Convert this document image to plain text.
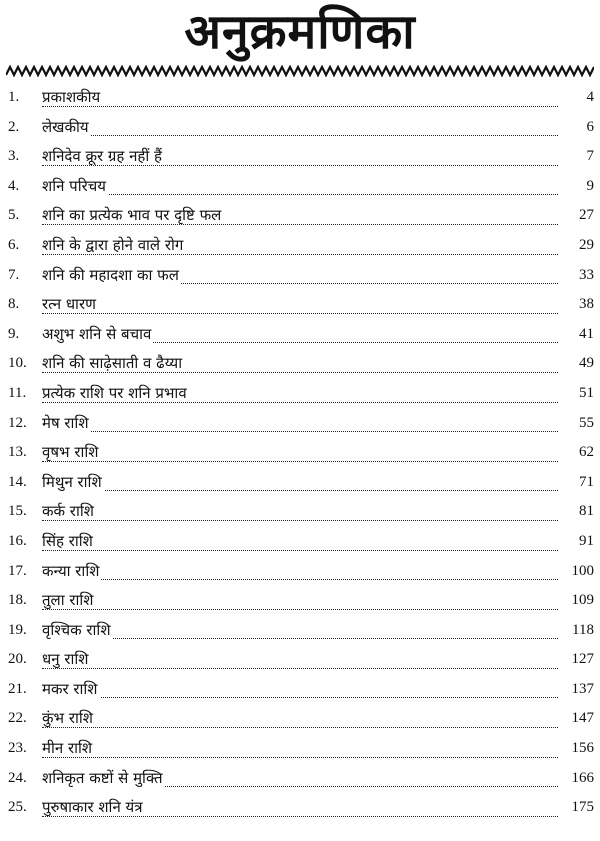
अनुक्रमणिका
1. प्रकाशकीय	4
2. लेखकीय	6
3. शनिदेव क्रूर ग्रह नहीं हैं	7
4. शनि परिचय	9
5. शनि का प्रत्येक भाव पर दृष्टि फल	27
6. शनि के द्वारा होने वाले रोग	29
7. शनि की महादशा का फल	33
8. रत्न धारण	38
9. अशुभ शनि से बचाव	41
10. शनि की साढ़ेसाती व ढैय्या	49
11. प्रत्येक राशि पर शनि प्रभाव	51
12. मेष राशि	55
13. वृषभ राशि	62
14. मिथुन राशि	71
15. कर्क राशि	81
16. सिंह राशि	91
17. कन्या राशि	100
18. तुला राशि	109
19. वृश्चिक राशि	118
20. धनु राशि	127
21. मकर राशि	137
22. कुंभ राशि	147
23. मीन राशि	156
24. शनिकृत कष्टों से मुक्ति	166
25. पुरुषाकार शनि यंत्र	175
